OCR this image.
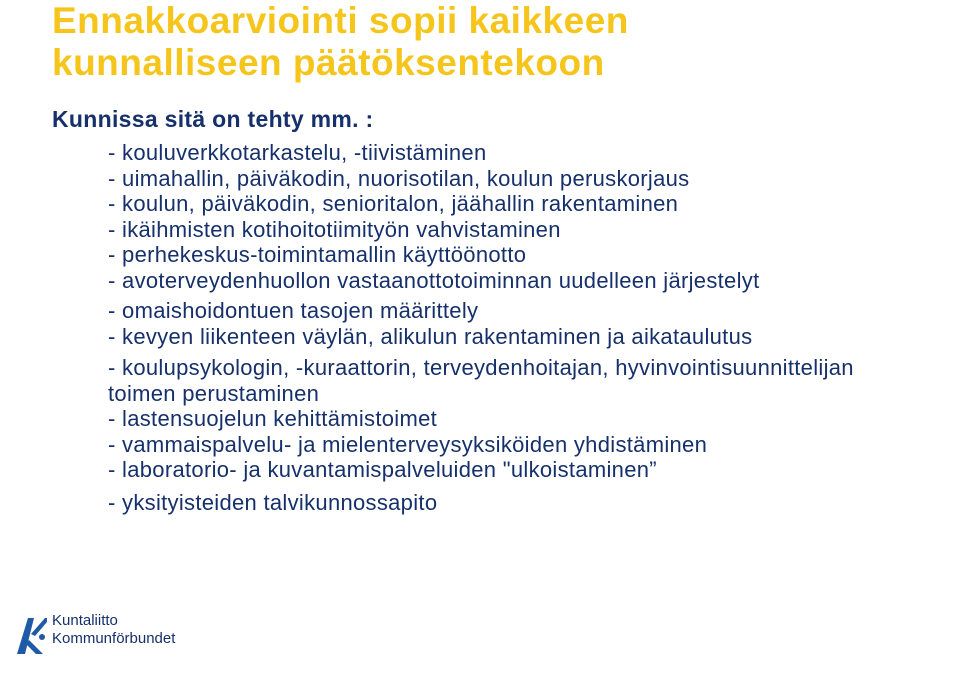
Ennakkoarviointi sopii kaikkeen
kunnalliseen päätöksentekoon

Kunnissa sitä on tehty mm. :

- kouluverkkotarkastelu, -tiivistäminen
- uimahallin, päiväkodin, nuorisotilan, koulun peruskorjaus
- koulun, päiväkodin, senioritalon, jäähallin rakentaminen
- ikäihmisten kotihoitotiimityön vahvistaminen
- perhekeskus-toimintamallin käyttöönotto
- avoterveydenhuollon vastaanottotoiminnan uudelleen järjestelyt
- omaishoidontuen tasojen määrittely
- kevyen liikenteen väylän, alikulun rakentaminen ja aikataulutus
- koulupsykologin, -kuraattorin, terveydenhoitajan, hyvinvointisuunnittelijan toimen perustaminen
- lastensuojelun kehittämistoimet
- vammaispalvelu- ja mielenterveysyksiköiden yhdistäminen
- laboratorio- ja kuvantamispalveluiden "ulkoistaminen”
- yksityisteiden talvikunnossapito
Kuntaliitto
Kommunförbundet
